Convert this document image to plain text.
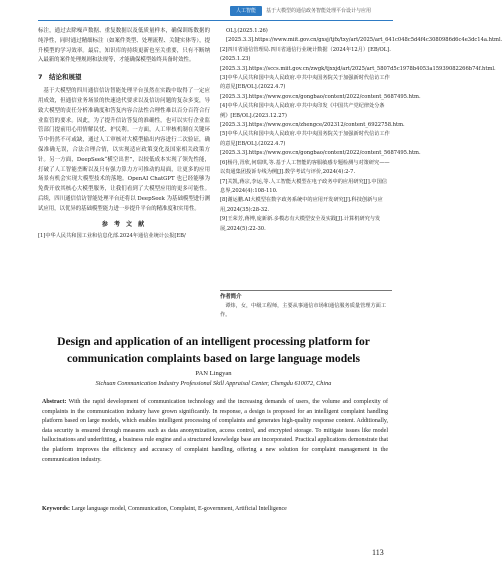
人工智能	基于大模型的通信政务智能处理平台设计与应用

标注，通过去除噪声数据、重复数据以及低质量样本，确保训练数据的纯净性，同时通过精细标注（如案件类型、处理流程、关键实体等），提升模型的学习效率。最后，知识库的持续更新也至关重要，只有不断纳入最新的案件处理规则和法规等，才能确保模型始终具备时效性。

7　结论和展望

基于大模型的四川通信信访智能处理平台虽然在实践中取得了一定应用成效，但通信业务场景的快速迭代要求以及信访问题的复杂多变，导致大模型的责任分析准确度和答复内容合法性合理性难以百分百符合行业监管的要求。因此，为了提升信访答复的准确性，也可以实行企业监管部门提前用心用情解民忧、护民利。一方面，人工审核机制在关键环节中仍然不可或缺，通过人工审核对大模型输出内容进行二次验证，确保准确无误，合法合理合情，以实现适应政策变化及国家相关政策方针。另一方面，DeepSeek“横空出世”，以较低成本实现了领先性能，打破了人工智能垄断以及只有强力算力方可推动的局面，让更多的应用场景有机会实现大模型技术的落地。OpenAI ChatGPT 也已经能够为免费开放其核心大模型服务，让我们看到了大模型应用的更多可能性。后续，四川通信信访智能处理平台还将以 DeepSeek 为基础模型进行测试应用，以优异的基础模型能力进一步提升平台的精准度和实用性。

参 考 文 献

[1]中华人民共和国工业和信息化部.2024年通信业统计公报[EB/

OL].(2025.1.26)[2025.3.3].https://www.miit.gov.cn/gxsj/tjfx/txy/art/2025/art_641c048c5d4f4c3080986d6c4e3dc14a.html.

[2]四川省通信管理局.四川省通信行业统计数据（2024年12月）[EB/OL].(2025.1.23)[2025.3.3].https://sccs.miit.gov.cn/zwgk/tjxxjd/art/2025/art_5807d5c1978b4053a15939082266b74f.html.

[3]中华人民共和国中央人民政府.中共中央国务院关于加强新时代信访工作的意见[EB/OL].(2022.4.7)[2025.3.3].https://www.gov.cn/gongbao/content/2022/content_5687495.htm.

[4]中华人民共和国中央人民政府.中共中央印发《中国共产党纪律处分条例》[EB/OL].(2023.12.27)[2025.3.3].https://www.gov.cn/zhengce/202312/content_6922758.htm.

[5]中华人民共和国中央人民政府.中共中央国务院关于加强新时代信访工作的意见[EB/OL].(2022.4.7)[2025.3.3].https://www.gov.cn/gongbao/content/2022/content_5687495.htm.

[6]杨丹,胥欣,何瑞琪,等.基于人工智能的客服敏感专题检测与对策研究——以贵通集团投诉专线为例[J].数学考试与评价,2024(4):2-7.

[7]关凯,蒋宗,李运,等.人工智能大模型在电子政务中的应用研究[J].中国信息界,2024(4):108-110.

[8]谢运鹏.AI大模型在数字政务系统中的应用开发研究[J].科技创新与应用,2024(35):28-32.

[9]王荣芳,蒋博,庞新新.多模态有大模型安全及实践[J].计算机研究与发展,2024(5):22-30.

作者简介
谭炜，女，中级工程师，主要从事通信市场和通信服务质量管理方面工作。
Design and application of an intelligent processing platform for communication complaints based on large language models
PAN Lingyan
Sichuan Communication Industry Professional Skill Appraisal Center, Chengdu 610072, China

Abstract: With the rapid development of communication technology and the increasing demands of users, the volume and complexity of complaints in the communication industry have grown significantly. In response, a design is proposed for an intelligent complaint handling platform based on large models, which enables intelligent processing of complaints and generates high-quality response content. Additionally, data security is ensured through measures such as data anonymization, access control, and encrypted storage. To mitigate issues like model hallucinations and underfitting, a business rule engine and a structured knowledge base are incorporated. Practical applications demonstrate that the platform improves the efficiency and accuracy of complaint handling, offering a new solution for complaint management in the communication industry.

Keywords: Large language model, Communication, Complaint, E-government, Artificial Intelligence

113
